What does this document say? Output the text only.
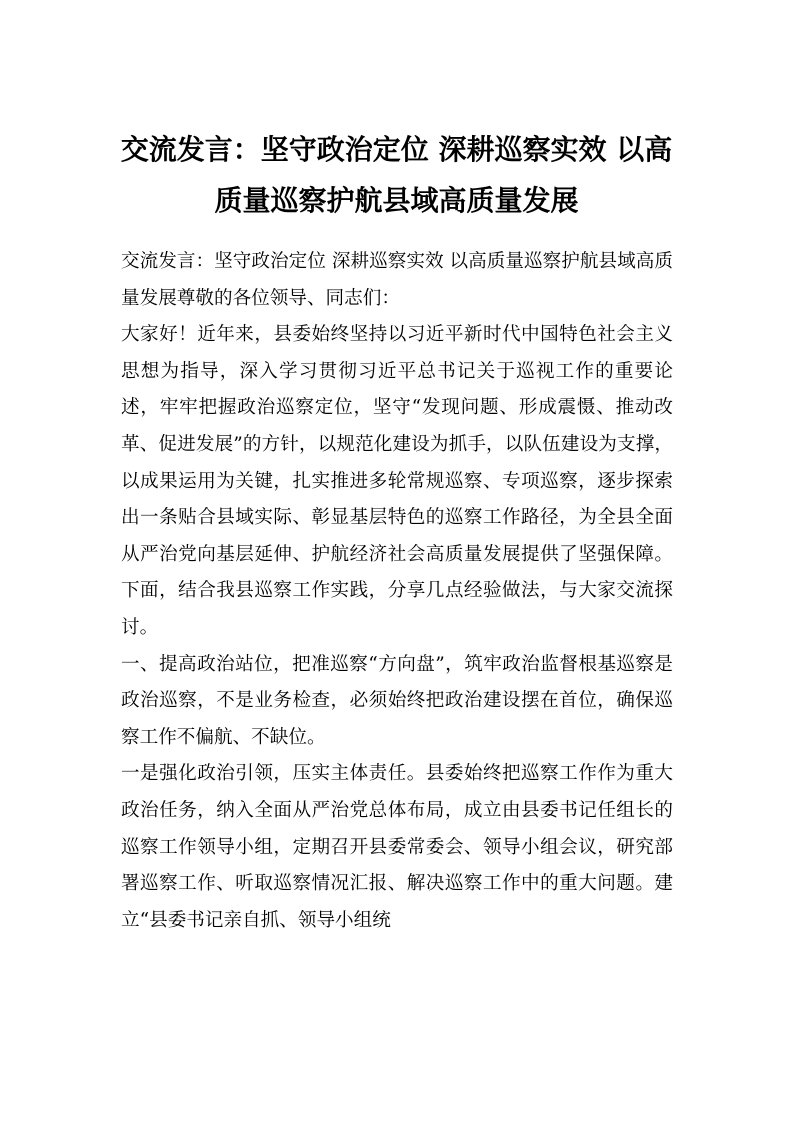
交流发言：坚守政治定位 深耕巡察实效 以高质量巡察护航县域高质量发展

交流发言：坚守政治定位 深耕巡察实效 以高质量巡察护航县域高质量发展尊敬的各位领导、同志们：

大家好！近年来，县委始终坚持以习近平新时代中国特色社会主义思想为指导，深入学习贯彻习近平总书记关于巡视工作的重要论述，牢牢把握政治巡察定位，坚守“发现问题、形成震慑、推动改革、促进发展”的方针，以规范化建设为抓手，以队伍建设为支撑，以成果运用为关键，扎实推进多轮常规巡察、专项巡察，逐步探索出一条贴合县域实际、彰显基层特色的巡察工作路径，为全县全面从严治党向基层延伸、护航经济社会高质量发展提供了坚强保障。下面，结合我县巡察工作实践，分享几点经验做法，与大家交流探讨。

一、提高政治站位，把准巡察“方向盘”，筑牢政治监督根基巡察是政治巡察，不是业务检查，必须始终把政治建设摆在首位，确保巡察工作不偏航、不缺位。

一是强化政治引领，压实主体责任。县委始终把巡察工作作为重大政治任务，纳入全面从严治党总体布局，成立由县委书记任组长的巡察工作领导小组，定期召开县委常委会、领导小组会议，研究部署巡察工作、听取巡察情况汇报、解决巡察工作中的重大问题。建立“县委书记亲自抓、领导小组统
